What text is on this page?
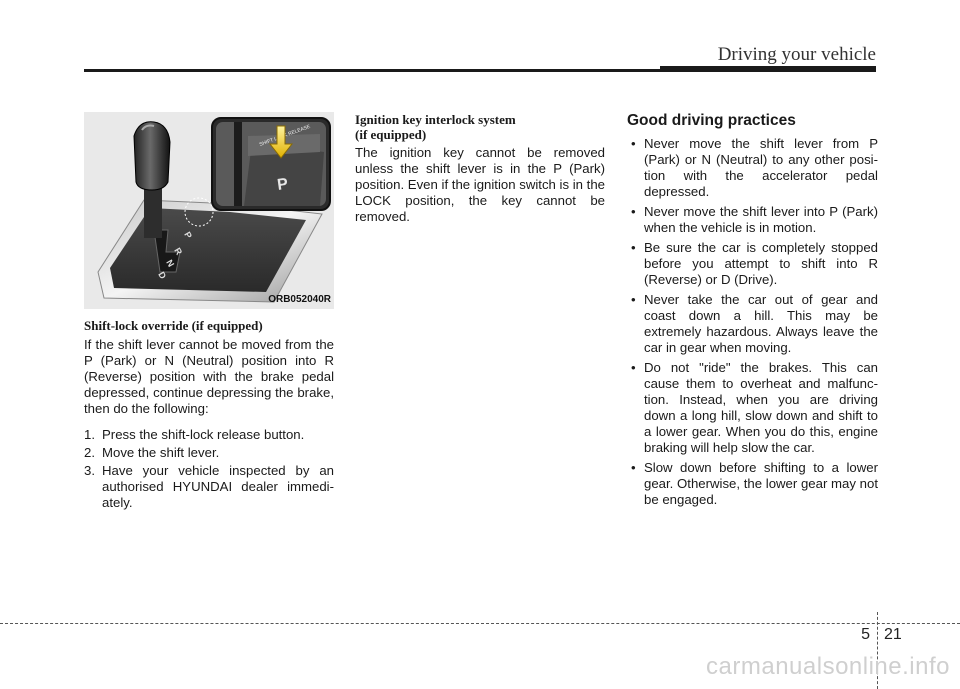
Driving your vehicle
P
R
N
D
SHIFT RELEASE
P
ORB052040R
Shift-lock override (if equipped)

If the shift lever cannot be moved from the P (Park) or N (Neutral) position into R (Reverse) position with the brake pedal depressed, continue depressing the brake, then do the following:

1. Press the shift-lock release button.
2. Move the shift lever.
3. Have your vehicle inspected by an authorised HYUNDAI dealer immedi-ately.
Ignition key interlock system
(if equipped)

The ignition key cannot be removed unless the shift lever is in the P (Park) position. Even if the ignition switch is in the LOCK position, the key cannot be removed.

Good driving practices
• Never move the shift lever from P (Park) or N (Neutral) to any other posi-tion with the accelerator pedal depressed.
• Never move the shift lever into P (Park) when the vehicle is in motion.
• Be sure the car is completely stopped before you attempt to shift into R (Reverse) or D (Drive).
• Never take the car out of gear and coast down a hill. This may be extremely hazardous. Always leave the car in gear when moving.
• Do not "ride" the brakes. This can cause them to overheat and malfunc-tion. Instead, when you are driving down a long hill, slow down and shift to a lower gear. When you do this, engine braking will help slow the car.
• Slow down before shifting to a lower gear. Otherwise, the lower gear may not be engaged.
5 21
carmanualsonline.info
